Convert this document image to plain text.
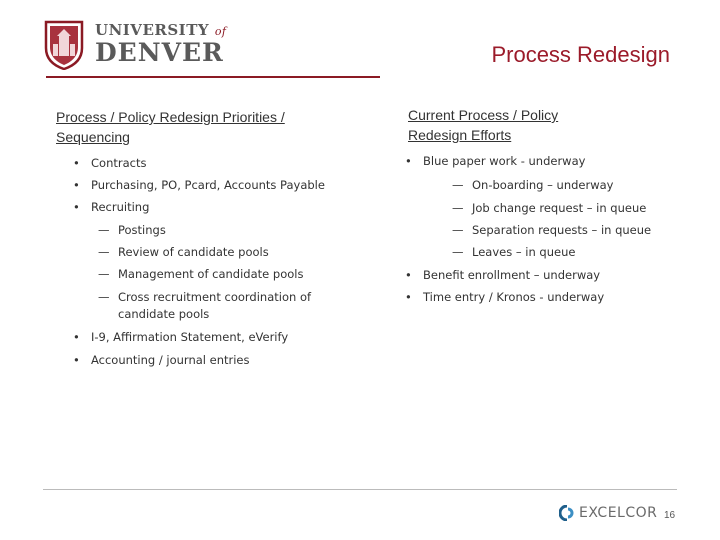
UNIVERSITY of
DENVER	Process Redesign
Process / Policy Redesign Priorities /
Sequencing
• Contracts
• Purchasing, PO, Pcard, Accounts Payable
• Recruiting
— Postings
— Review of candidate pools
— Management of candidate pools
— Cross recruitment coordination of
candidate pools
• I-9, Affirmation Statement, eVerify
• Accounting / journal entries
Current Process / Policy
Redesign Efforts
• Blue paper work - underway
— On-boarding – underway
— Job change request – in queue
— Separation requests – in queue
— Leaves – in queue
• Benefit enrollment – underway
• Time entry / Kronos - underway
EXCELCOR 16
